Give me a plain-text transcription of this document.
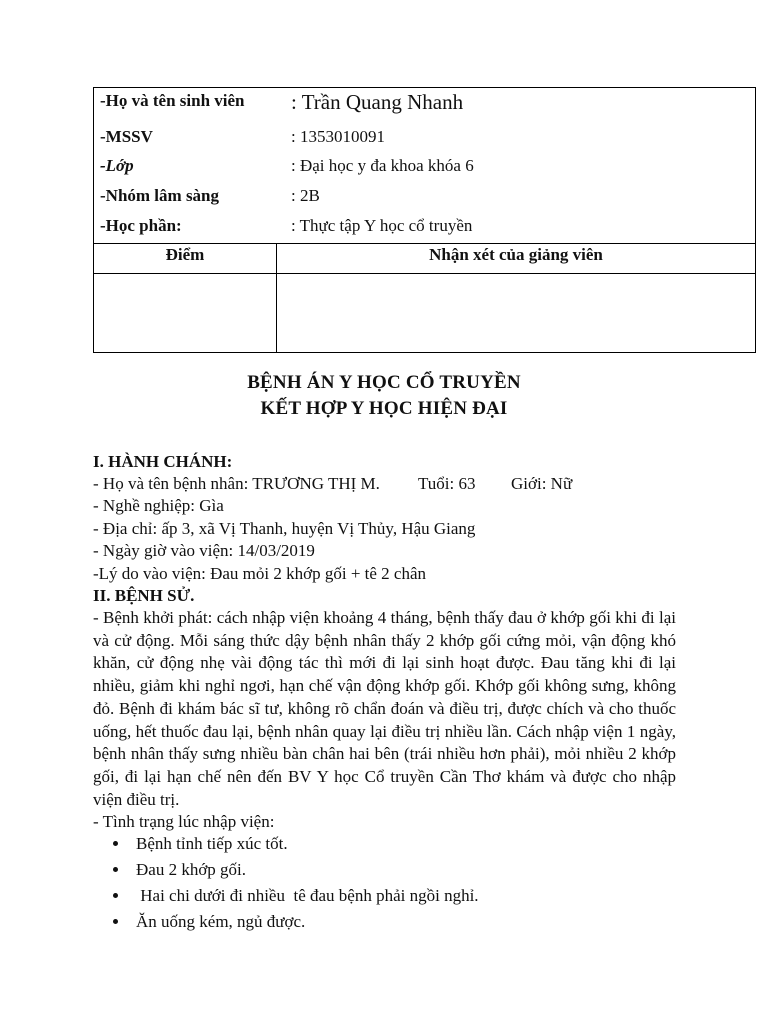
-Họ và tên sinh viên : Trần Quang Nhanh
-MSSV	: 1353010091
-Lớp	: Đại học y đa khoa khóa 6
-Nhóm lâm sàng	: 2B
-Học phần:	: Thực tập Y học cổ truyền
Điểm	Nhận xét của giảng viên
BỆNH ÁN Y HỌC CỔ TRUYỀN
KẾT HỢP Y HỌC HIỆN ĐẠI
I. HÀNH CHÁNH:
- Họ và tên bệnh nhân: TRƯƠNG THỊ M. Tuổi: 63 Giới: Nữ
- Nghề nghiệp: Gìa
- Địa chỉ: ấp 3, xã Vị Thanh, huyện Vị Thủy, Hậu Giang
- Ngày giờ vào viện: 14/03/2019
-Lý do vào viện: Đau mỏi 2 khớp gối + tê 2 chân
II. BỆNH SỬ.

- Bệnh khởi phát: cách nhập viện khoảng 4 tháng, bệnh thấy đau ở khớp gối khi đi lại và cử động. Mỗi sáng thức dậy bệnh nhân thấy 2 khớp gối cứng mỏi, vận động khó khăn, cử động nhẹ vài động tác thì mới đi lại sinh hoạt được. Đau tăng khi đi lại nhiều, giảm khi nghỉ ngơi, hạn chế vận động khớp gối. Khớp gối không sưng, không đỏ. Bệnh đi khám bác sĩ tư, không rõ chẩn đoán và điều trị, được chích và cho thuốc uống, hết thuốc đau lại, bệnh nhân quay lại điều trị nhiều lần. Cách nhập viện 1 ngày, bệnh nhân thấy sưng nhiều bàn chân hai bên (trái nhiều hơn phải), mỏi nhiều 2 khớp gối, đi lại hạn chế nên đến BV Y học Cổ truyền Cần Thơ khám và được cho nhập viện điều trị.

- Tình trạng lúc nhập viện:
Bệnh tỉnh tiếp xúc tốt.
Đau 2 khớp gối.
Hai chi dưới đi nhiều  tê đau bệnh phải ngồi nghỉ.
Ăn uống kém, ngủ được.
